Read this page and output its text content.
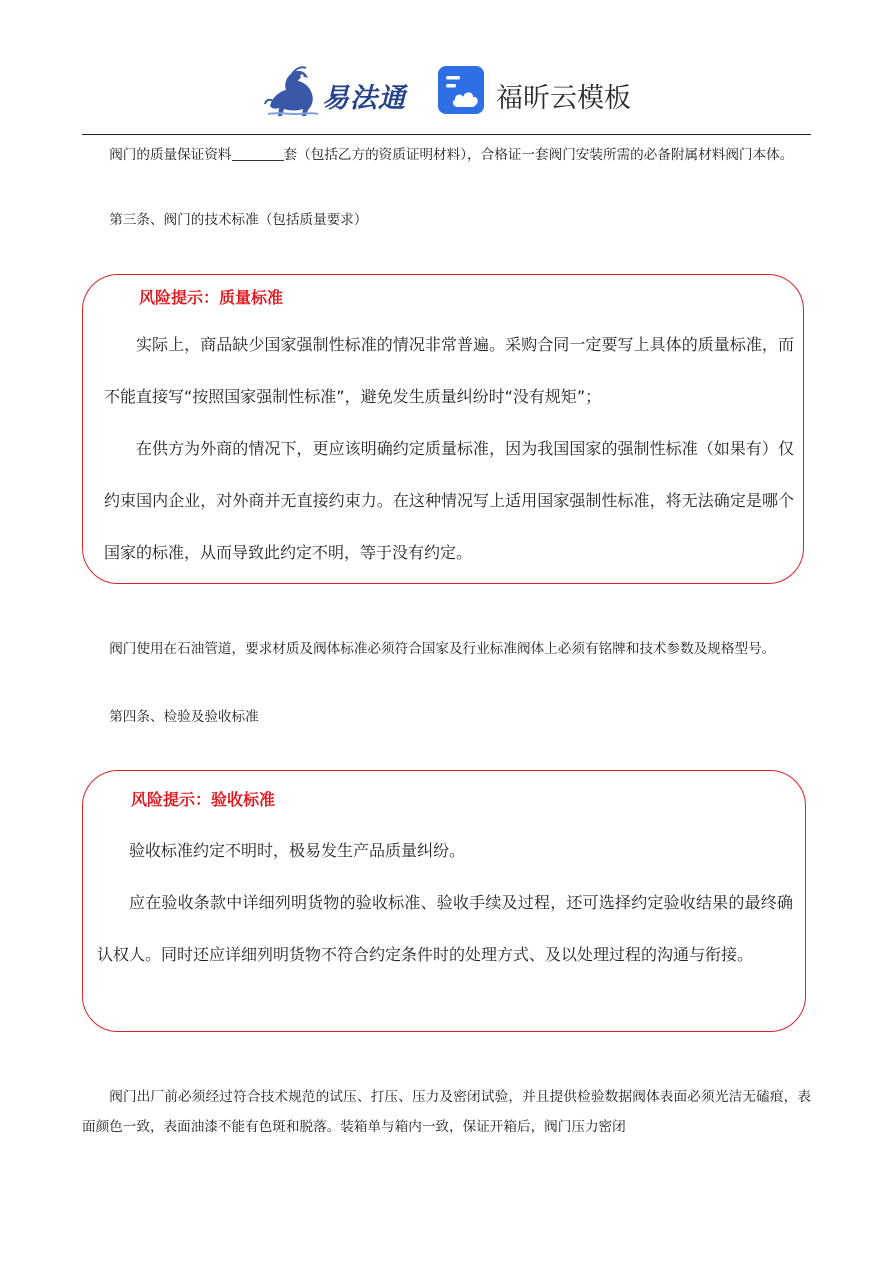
易法通	福昕云模板

阀门的质量保证资料	套（包括乙方的资质证明材料），合格证一套阀门安装所需的必备附属材料阀门本体。

第三条、阀门的技术标准（包括质量要求）

风险提示：质量标准

实际上，商品缺少国家强制性标准的情况非常普遍。采购合同一定要写上具体的质量标准，而不能直接写“按照国家强制性标准”，避免发生质量纠纷时“没有规矩”；

在供方为外商的情况下，更应该明确约定质量标准，因为我国国家的强制性标准（如果有）仅约束国内企业，对外商并无直接约束力。在这种情况写上适用国家强制性标准，将无法确定是哪个国家的标准，从而导致此约定不明，等于没有约定。

阀门使用在石油管道，要求材质及阀体标准必须符合国家及行业标准阀体上必须有铭牌和技术参数及规格型号。

第四条、检验及验收标准

风险提示：验收标准

验收标准约定不明时，极易发生产品质量纠纷。

应在验收条款中详细列明货物的验收标准、验收手续及过程，还可选择约定验收结果的最终确认权人。同时还应详细列明货物不符合约定条件时的处理方式、及以处理过程的沟通与衔接。

阀门出厂前必须经过符合技术规范的试压、打压、压力及密闭试验，并且提供检验数据阀体表面必须光洁无磕痕，表面颜色一致，表面油漆不能有色斑和脱落。装箱单与箱内一致，保证开箱后，阀门压力密闭
